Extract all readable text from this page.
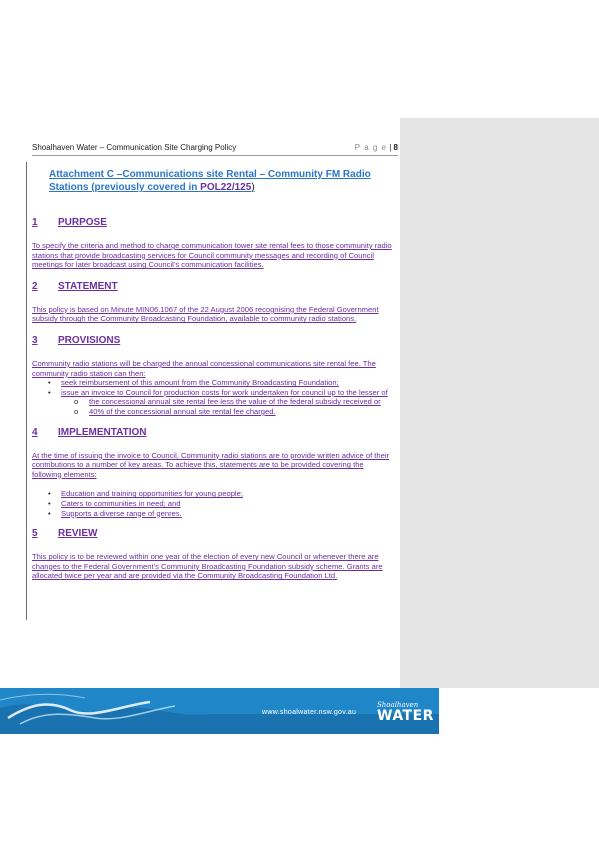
Shoalhaven Water – Communication Site Charging Policy	P a g e | 8
Attachment C –Communications site Rental – Community FM Radio
Stations (previously covered in POL22/125)
1	PURPOSE

To specify the criteria and method to charge communication tower site rental fees to those community radio stations that provide broadcasting services for Council community messages and recording of Council meetings for later broadcast using Council’s communication facilities.

2	STATEMENT

This policy is based on Minute MIN06.1067 of the 22 August 2006 recognising the Federal Government subsidy through the Community Broadcasting Foundation, available to community radio stations.

3	PROVISIONS

Community radio stations will be charged the annual concessional communications site rental fee. The community radio station can then:

• seek reimbursement of this amount from the Community Broadcasting Foundation;
• issue an invoice to Council for production costs for work undertaken for council up to the lesser of
o the concessional annual site rental fee less the value of the federal subsidy received or
o 40% of the concessional annual site rental fee charged.
4	IMPLEMENTATION

At the time of issuing the invoice to Council, Community radio stations are to provide written advice of their contributions to a number of key areas. To achieve this, statements are to be provided covering the following elements:

• Education and training opportunities for young people;
• Caters to communities in need; and
• Supports a diverse range of genres.
5	REVIEW

This policy is to be reviewed within one year of the election of every new Council or whenever there are changes to the Federal Government’s Community Broadcasting Foundation subsidy scheme. Grants are allocated twice per year and are provided via the Community Broadcasting Foundation Ltd.

www.shoalwater.nsw.gov.au
Shoalhaven
WATER
